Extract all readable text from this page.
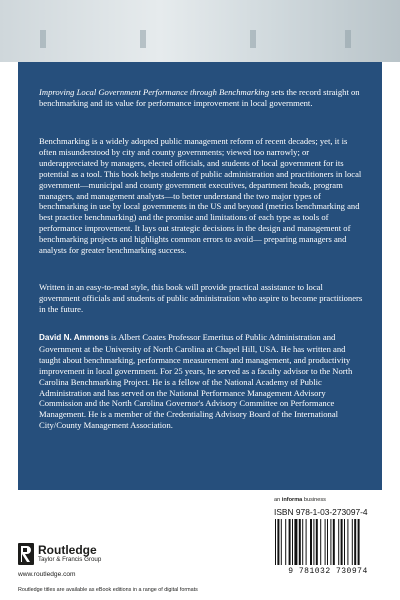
Improving Local Government Performance through Benchmarking sets the record straight on benchmarking and its value for performance improvement in local government.

Benchmarking is a widely adopted public management reform of recent decades; yet, it is often misunderstood by city and county governments; viewed too narrowly; or underappreciated by managers, elected officials, and students of local government for its potential as a tool. This book helps students of public administration and practitioners in local government—municipal and county government executives, department heads, program managers, and management analysts—to better understand the two major types of benchmarking in use by local governments in the US and beyond (metrics benchmarking and best practice benchmarking) and the promise and limitations of each type as tools of performance improvement. It lays out strategic decisions in the design and management of benchmarking projects and highlights common errors to avoid— preparing managers and analysts for greater benchmarking success.

Written in an easy-to-read style, this book will provide practical assistance to local government officials and students of public administration who aspire to become practitioners in the future.

David N. Ammons is Albert Coates Professor Emeritus of Public Administration and Government at the University of North Carolina at Chapel Hill, USA. He has written and taught about benchmarking, performance measurement and management, and productivity improvement in local government. For 25 years, he served as a faculty advisor to the North Carolina Benchmarking Project. He is a fellow of the National Academy of Public Administration and has served on the National Performance Management Advisory Commission and the North Carolina Governor's Advisory Committee on Performance Management. He is a member of the Credentialing Advisory Board of the International City/County Management Association.

an informa business
ISBN 978-1-03-273097-4
9 781032 730974
Routledge
Taylor & Francis Group
www.routledge.com
Routledge titles are available as eBook editions in a range of digital formats
